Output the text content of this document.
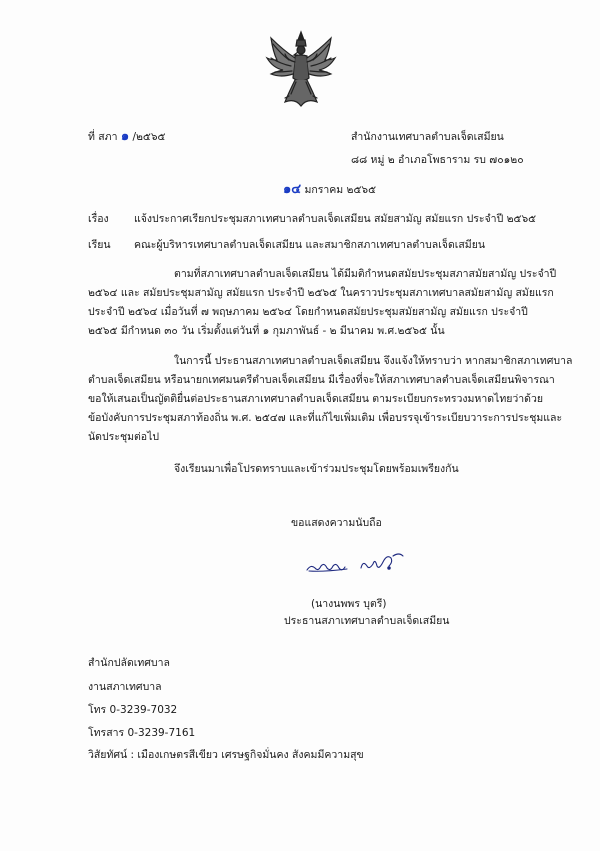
ที่ สภา ๑ /๒๕๖๕	สำนักงานเทศบาลตำบลเจ็ดเสมียน
๘๘ หมู่ ๒ อำเภอโพธาราม รบ ๗๐๑๒๐
๑๔ มกราคม ๒๕๖๕
เรื่อง แจ้งประกาศเรียกประชุมสภาเทศบาลตำบลเจ็ดเสมียน สมัยสามัญ สมัยแรก ประจำปี ๒๕๖๕
เรียน คณะผู้บริหารเทศบาลตำบลเจ็ดเสมียน และสมาชิกสภาเทศบาลตำบลเจ็ดเสมียน
ตามที่สภาเทศบาลตำบลเจ็ดเสมียน ได้มีมติกำหนดสมัยประชุมสภาสมัยสามัญ ประจำปี
๒๕๖๔ และ สมัยประชุมสามัญ สมัยแรก ประจำปี ๒๕๖๕ ในคราวประชุมสภาเทศบาลสมัยสามัญ สมัยแรก
ประจำปี ๒๕๖๔ เมื่อวันที่ ๗ พฤษภาคม ๒๕๖๔ โดยกำหนดสมัยประชุมสมัยสามัญ สมัยแรก ประจำปี
๒๕๖๕ มีกำหนด ๓๐ วัน เริ่มตั้งแต่วันที่ ๑ กุมภาพันธ์ - ๒ มีนาคม พ.ศ.๒๕๖๕ นั้น
ในการนี้ ประธานสภาเทศบาลตำบลเจ็ดเสมียน จึงแจ้งให้ทราบว่า หากสมาชิกสภาเทศบาล
ตำบลเจ็ดเสมียน หรือนายกเทศมนตรีตำบลเจ็ดเสมียน มีเรื่องที่จะให้สภาเทศบาลตำบลเจ็ดเสมียนพิจารณา
ขอให้เสนอเป็นญัตติยื่นต่อประธานสภาเทศบาลตำบลเจ็ดเสมียน ตามระเบียบกระทรวงมหาดไทยว่าด้วย
ข้อบังคับการประชุมสภาท้องถิ่น พ.ศ. ๒๕๔๗ และที่แก้ไขเพิ่มเติม เพื่อบรรจุเข้าระเบียบวาระการประชุมและ
นัดประชุมต่อไป
จึงเรียนมาเพื่อโปรดทราบและเข้าร่วมประชุมโดยพร้อมเพรียงกัน
ขอแสดงความนับถือ
(นางนพพร บุตรี)
ประธานสภาเทศบาลตำบลเจ็ดเสมียน
สำนักปลัดเทศบาล
งานสภาเทศบาล
โทร 0-3239-7032
โทรสาร 0-3239-7161
วิสัยทัศน์ : เมืองเกษตรสีเขียว เศรษฐกิจมั่นคง สังคมมีความสุข
